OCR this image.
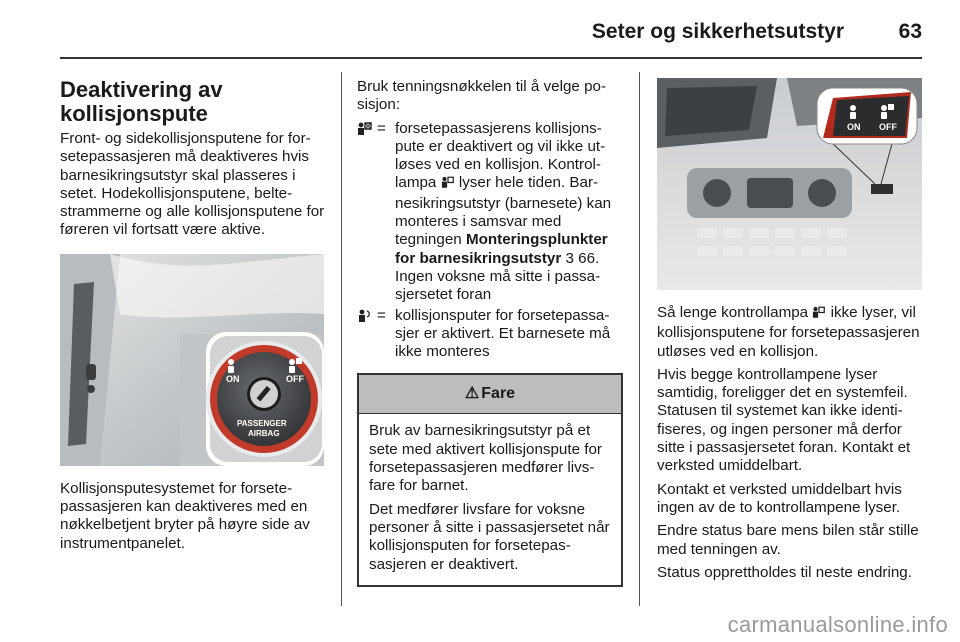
Seter og sikkerhetsutstyr	63
Deaktivering av kollisjonspute

Front- og sidekollisjonsputene for forsetepassasjeren må deaktiveres hvis barnesikringsutstyr skal plasseres i setet. Hodekollisjonsputene, beltestrammerne og alle kollisjonsputene for føreren vil fortsatt være aktive.

ON	OFF
PASSENGER
AIRBAG

Kollisjonsputesystemet for forsetepassasjeren kan deaktiveres med en nøkkelbetjent bryter på høyre side av instrumentpanelet.

Bruk tenningsnøkkelen til å velge posisjon:

= forsetepassasjerens kollisjonspute er deaktivert og vil ikke utløses ved en kollisjon. Kontrollampa  lyser hele tiden. Barnesikringsutstyr (barnesete) kan monteres i samsvar med tegningen Monteringsplunkter for barnesikringsutstyr 3 66.
Ingen voksne må sitte i passasjersetet foran
= kollisjonsputer for forsetepassasjer er aktivert. Et barnesete må ikke monteres
⚠ Fare

Bruk av barnesikringsutstyr på et sete med aktivert kollisjonspute for forsetepassasjeren medfører livsfare for barnet.

Det medfører livsfare for voksne personer å sitte i passasjersetet når kollisjonsputen for forsetepassasjeren er deaktivert.

ON OFF

Så lenge kontrollampa  ikke lyser, vil kollisjonsputene for forsetepassasjeren utløses ved en kollisjon.

Hvis begge kontrollampene lyser samtidig, foreligger det en systemfeil. Statusen til systemet kan ikke identifiseres, og ingen personer må derfor sitte i passasjersetet foran. Kontakt et verksted umiddelbart.

Kontakt et verksted umiddelbart hvis ingen av de to kontrollampene lyser.

Endre status bare mens bilen står stille med tenningen av.

Status opprettholdes til neste endring.

carmanualsonline.info
